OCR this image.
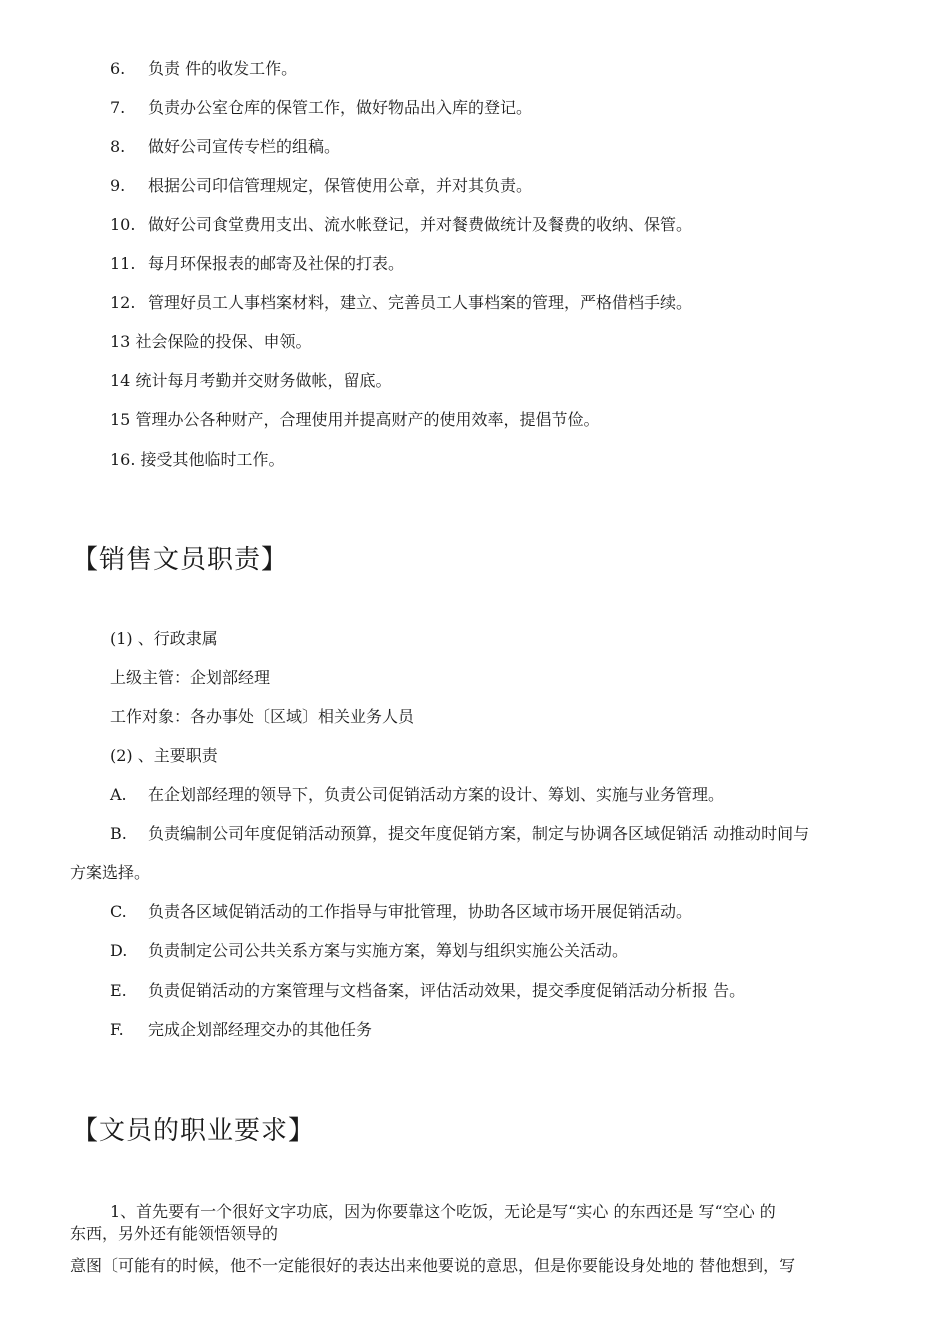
6. 负责 件的收发工作。
7. 负责办公室仓库的保管工作，做好物品出入库的登记。
8. 做好公司宣传专栏的组稿。
9. 根据公司印信管理规定，保管使用公章，并对其负责。
10. 做好公司食堂费用支出、流水帐登记，并对餐费做统计及餐费的收纳、保管。
11. 每月环保报表的邮寄及社保的打表。
12. 管理好员工人事档案材料，建立、完善员工人事档案的管理，严格借档手续。
13 社会保险的投保、申领。
14 统计每月考勤并交财务做帐，留底。
15 管理办公各种财产，合理使用并提高财产的使用效率，提倡节俭。
16. 接受其他临时工作。
【销售文员职责】
(1) 、行政隶属
上级主管：企划部经理
工作对象：各办事处〔区域〕相关业务人员
(2) 、主要职责
A. 在企划部经理的领导下，负责公司促销活动方案的设计、筹划、实施与业务管理。
B. 负责编制公司年度促销活动预算，提交年度促销方案，制定与协调各区域促销活 动推动时间与
方案选择。
C. 负责各区域促销活动的工作指导与审批管理，协助各区域市场开展促销活动。
D. 负责制定公司公共关系方案与实施方案，筹划与组织实施公关活动。
E. 负责促销活动的方案管理与文档备案，评估活动效果，提交季度促销活动分析报 告。
F. 完成企划部经理交办的其他任务
【文员的职业要求】
1、首先要有一个很好文字功底，因为你要靠这个吃饭，无论是写“实心 的东西还是 写“空心 的
东西，另外还有能领悟领导的
意图〔可能有的时候，他不一定能很好的表达出来他要说的意思，但是你要能设身处地的 替他想到，写
